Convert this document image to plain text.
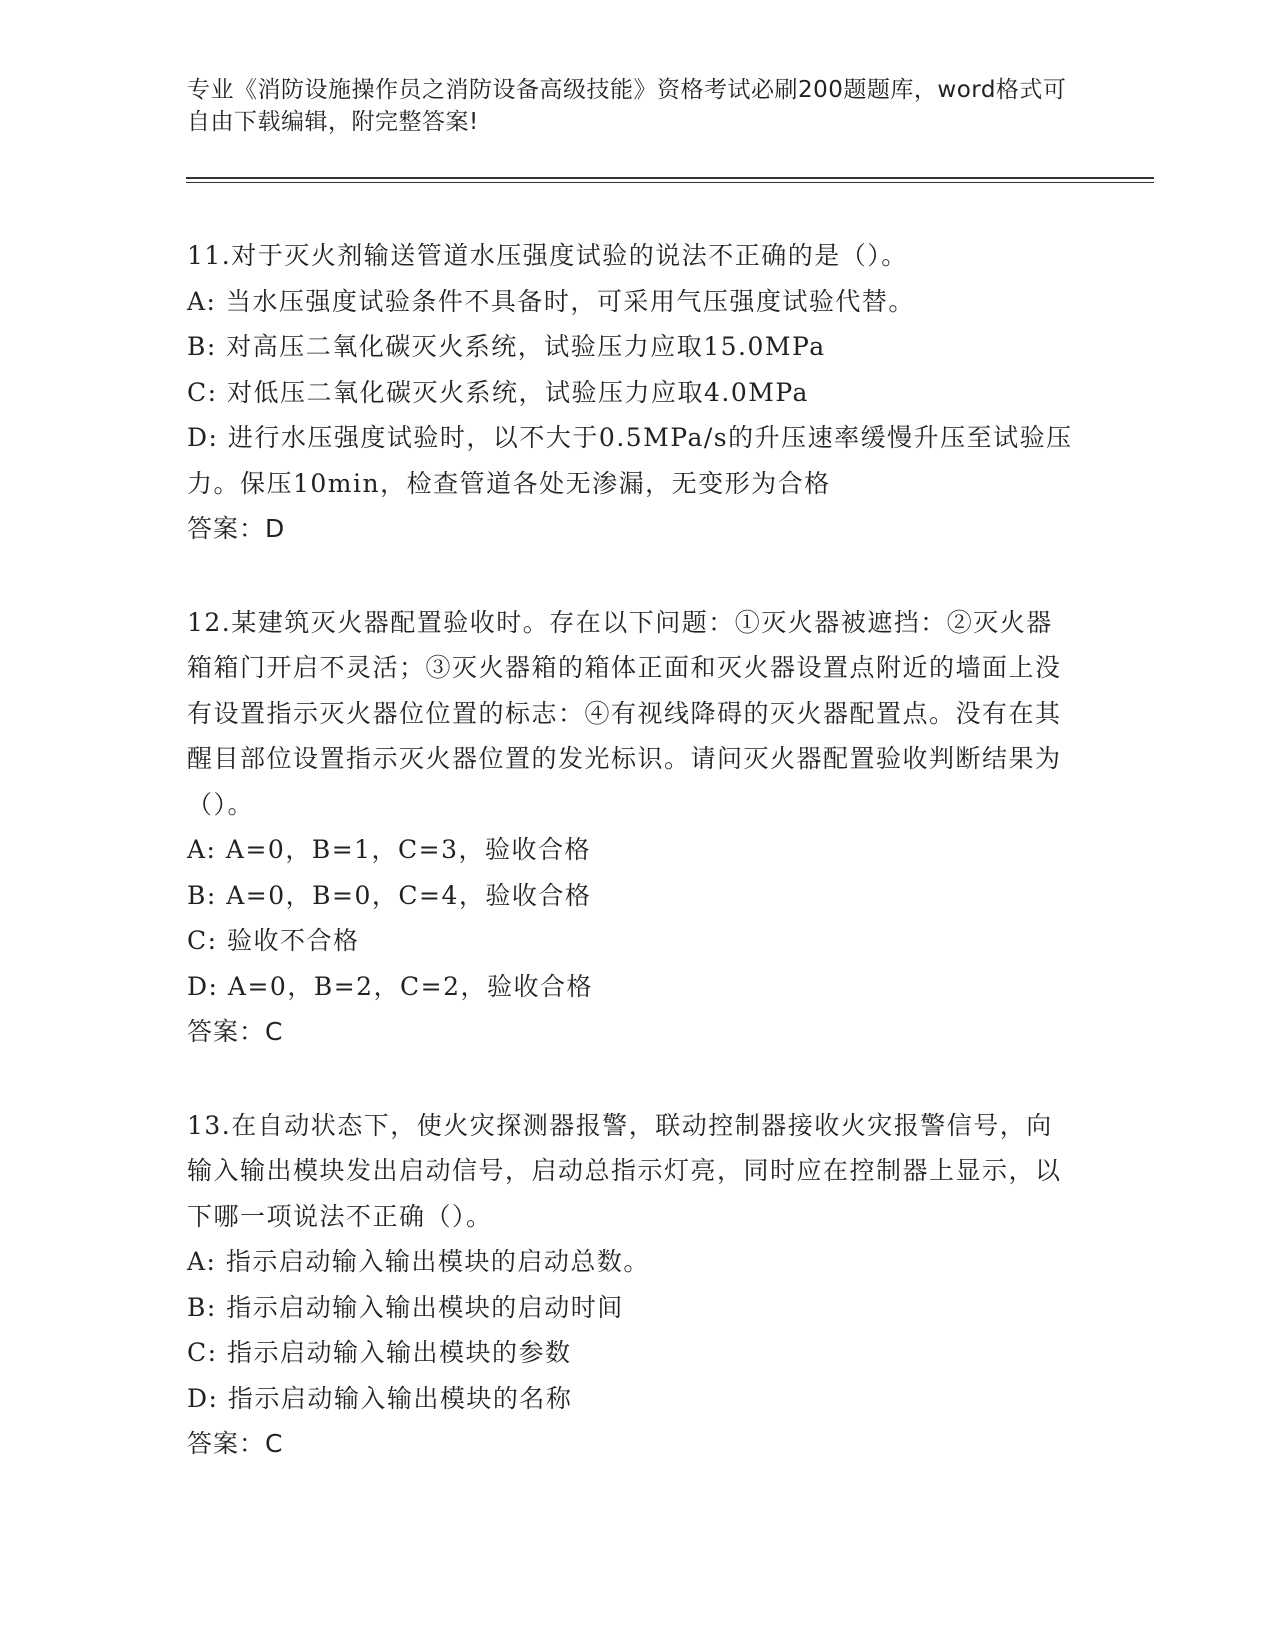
专业《消防设施操作员之消防设备高级技能》资格考试必刷200题题库，word格式可自由下载编辑，附完整答案!
11.对于灭火剂输送管道水压强度试验的说法不正确的是（）。
A: 当水压强度试验条件不具备时，可采用气压强度试验代替。
B: 对高压二氧化碳灭火系统，试验压力应取15.0MPa
C: 对低压二氧化碳灭火系统，试验压力应取4.0MPa
D: 进行水压强度试验时，以不大于0.5MPa/s的升压速率缓慢升压至试验压力。保压10min，检查管道各处无渗漏，无变形为合格
答案：D
12.某建筑灭火器配置验收时。存在以下问题：①灭火器被遮挡：②灭火器箱箱门开启不灵活；③灭火器箱的箱体正面和灭火器设置点附近的墙面上没有设置指示灭火器位位置的标志：④有视线降碍的灭火器配置点。没有在其醒目部位设置指示灭火器位置的发光标识。请问灭火器配置验收判断结果为（）。
A: A=0，B=1，C=3，验收合格
B: A=0，B=0，C=4，验收合格
C: 验收不合格
D: A=0，B=2，C=2，验收合格
答案：C
13.在自动状态下，使火灾探测器报警，联动控制器接收火灾报警信号，向输入输出模块发出启动信号，启动总指示灯亮，同时应在控制器上显示，以下哪一项说法不正确（）。
A: 指示启动输入输出模块的启动总数。
B: 指示启动输入输出模块的启动时间
C: 指示启动输入输出模块的参数
D: 指示启动输入输出模块的名称
答案：C
